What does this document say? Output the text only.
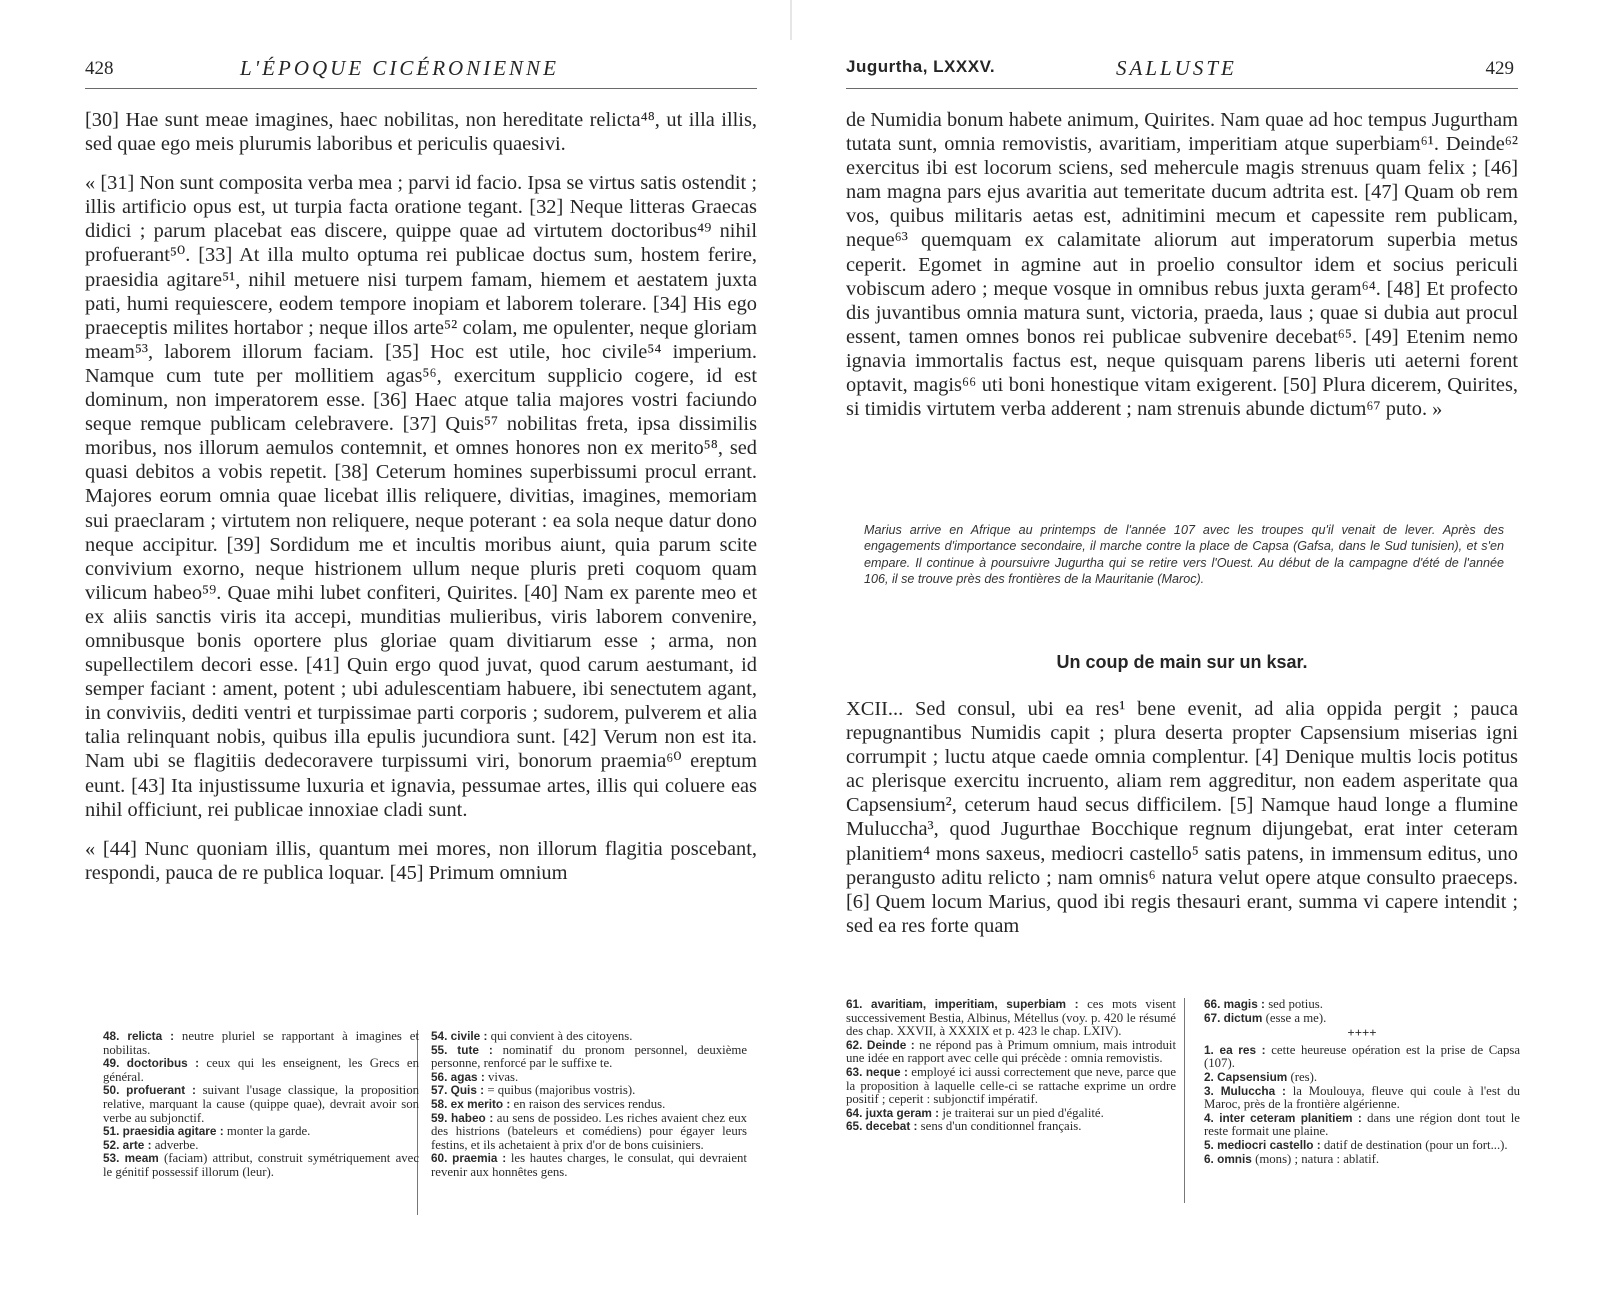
428	L'ÉPOQUE CICÉRONIENNE

[30] Hae sunt meae imagines, haec nobilitas, non hereditate relicta⁴⁸, ut illa illis, sed quae ego meis plurumis laboribus et periculis quaesivi.

« [31] Non sunt composita verba mea ; parvi id facio. Ipsa se virtus satis ostendit ; illis artificio opus est, ut turpia facta oratione tegant. [32] Neque litteras Graecas didici ; parum placebat eas discere, quippe quae ad virtutem doctoribus⁴⁹ nihil profuerant⁵⁰. [33] At illa multo optuma rei publicae doctus sum, hostem ferire, praesidia agitare⁵¹, nihil metuere nisi turpem famam, hiemem et aestatem juxta pati, humi requiescere, eodem tempore inopiam et laborem tolerare. [34] His ego praeceptis milites hortabor ; neque illos arte⁵² colam, me opulenter, neque gloriam meam⁵³, laborem illorum faciam. [35] Hoc est utile, hoc civile⁵⁴ imperium. Namque cum tute per mollitiem agas⁵⁶, exercitum supplicio cogere, id est dominum, non imperatorem esse. [36] Haec atque talia majores vostri faciundo seque remque publicam celebravere. [37] Quis⁵⁷ nobilitas freta, ipsa dissimilis moribus, nos illorum aemulos contemnit, et omnes honores non ex merito⁵⁸, sed quasi debitos a vobis repetit. [38] Ceterum homines superbissumi procul errant. Majores eorum omnia quae licebat illis reliquere, divitias, imagines, memoriam sui praeclaram ; virtutem non reliquere, neque poterant : ea sola neque datur dono neque accipitur. [39] Sordidum me et incultis moribus aiunt, quia parum scite convivium exorno, neque histrionem ullum neque pluris preti coquom quam vilicum habeo⁵⁹. Quae mihi lubet confiteri, Quirites. [40] Nam ex parente meo et ex aliis sanctis viris ita accepi, munditias mulieribus, viris laborem convenire, omnibusque bonis oportere plus gloriae quam divitiarum esse ; arma, non supellectilem decori esse. [41] Quin ergo quod juvat, quod carum aestumant, id semper faciant : ament, potent ; ubi adulescentiam habuere, ibi senectutem agant, in conviviis, dediti ventri et turpissimae parti corporis ; sudorem, pulverem et alia talia relinquant nobis, quibus illa epulis jucundiora sunt. [42] Verum non est ita. Nam ubi se flagitiis dedecoravere turpissumi viri, bonorum praemia⁶⁰ ereptum eunt. [43] Ita injustissume luxuria et ignavia, pessumae artes, illis qui coluere eas nihil officiunt, rei publicae innoxiae cladi sunt.

« [44] Nunc quoniam illis, quantum mei mores, non illorum flagitia poscebant, respondi, pauca de re publica loquar. [45] Primum omnium

48. relicta : neutre pluriel se rapportant à imagines et nobilitas.

49. doctoribus : ceux qui les enseignent, les Grecs en général.

50. profuerant : suivant l'usage classique, la proposition relative, marquant la cause (quippe quae), devrait avoir son verbe au subjonctif.

51. praesidia agitare : monter la garde.

52. arte : adverbe.

53. meam (faciam) attribut, construit symétriquement avec le génitif possessif illorum (leur).

54. civile : qui convient à des citoyens.

55. tute : nominatif du pronom personnel, deuxième personne, renforcé par le suffixe te.

56. agas : vivas.

57. Quis : = quibus (majoribus vostris).

58. ex merito : en raison des services rendus.

59. habeo : au sens de possideo. Les riches avaient chez eux des histrions (bateleurs et comédiens) pour égayer leurs festins, et ils achetaient à prix d'or de bons cuisiniers.

60. praemia : les hautes charges, le consulat, qui devraient revenir aux honnêtes gens.

Jugurtha, LXXXV.	SALLUSTE	429

de Numidia bonum habete animum, Quirites. Nam quae ad hoc tempus Jugurtham tutata sunt, omnia removistis, avaritiam, imperitiam atque superbiam⁶¹. Deinde⁶² exercitus ibi est locorum sciens, sed mehercule magis strenuus quam felix ; [46] nam magna pars ejus avaritia aut temeritate ducum adtrita est. [47] Quam ob rem vos, quibus militaris aetas est, adnitimini mecum et capessite rem publicam, neque⁶³ quemquam ex calamitate aliorum aut imperatorum superbia metus ceperit. Egomet in agmine aut in proelio consultor idem et socius periculi vobiscum adero ; meque vosque in omnibus rebus juxta geram⁶⁴. [48] Et profecto dis juvantibus omnia matura sunt, victoria, praeda, laus ; quae si dubia aut procul essent, tamen omnes bonos rei publicae subvenire decebat⁶⁵. [49] Etenim nemo ignavia immortalis factus est, neque quisquam parens liberis uti aeterni forent optavit, magis⁶⁶ uti boni honestique vitam exigerent. [50] Plura dicerem, Quirites, si timidis virtutem verba adderent ; nam strenuis abunde dictum⁶⁷ puto. »

Marius arrive en Afrique au printemps de l'année 107 avec les troupes qu'il venait de lever. Après des engagements d'importance secondaire, il marche contre la place de Capsa (Gafsa, dans le Sud tunisien), et s'en empare. Il continue à poursuivre Jugurtha qui se retire vers l'Ouest. Au début de la campagne d'été de l'année 106, il se trouve près des frontières de la Mauritanie (Maroc).
Un coup de main sur un ksar.

XCII... Sed consul, ubi ea res¹ bene evenit, ad alia oppida pergit ; pauca repugnantibus Numidis capit ; plura deserta propter Capsensium miserias igni corrumpit ; luctu atque caede omnia complentur. [4] Denique multis locis potitus ac plerisque exercitu incruento, aliam rem aggreditur, non eadem asperitate qua Capsensium², ceterum haud secus difficilem. [5] Namque haud longe a flumine Muluccha³, quod Jugurthae Bocchique regnum dijungebat, erat inter ceteram planitiem⁴ mons saxeus, mediocri castello⁵ satis patens, in immensum editus, uno perangusto aditu relicto ; nam omnis⁶ natura velut opere atque consulto praeceps. [6] Quem locum Marius, quod ibi regis thesauri erant, summa vi capere intendit ; sed ea res forte quam

61. avaritiam, imperitiam, superbiam : ces mots visent successivement Bestia, Albinus, Métellus (voy. p. 420 le résumé des chap. XXVII, à XXXIX et p. 423 le chap. LXIV).

62. Deinde : ne répond pas à Primum omnium, mais introduit une idée en rapport avec celle qui précède : omnia removistis.

63. neque : employé ici aussi correctement que neve, parce que la proposition à laquelle celle-ci se rattache exprime un ordre positif ; ceperit : subjonctif impératif.

64. juxta geram : je traiterai sur un pied d'égalité.

65. decebat : sens d'un conditionnel français.

66. magis : sed potius.

67. dictum (esse a me).

++++

1. ea res : cette heureuse opération est la prise de Capsa (107).

2. Capsensium (res).

3. Muluccha : la Moulouya, fleuve qui coule à l'est du Maroc, près de la frontière algérienne.

4. inter ceteram planitiem : dans une région dont tout le reste formait une plaine.

5. mediocri castello : datif de destination (pour un fort...).

6. omnis (mons) ; natura : ablatif.
